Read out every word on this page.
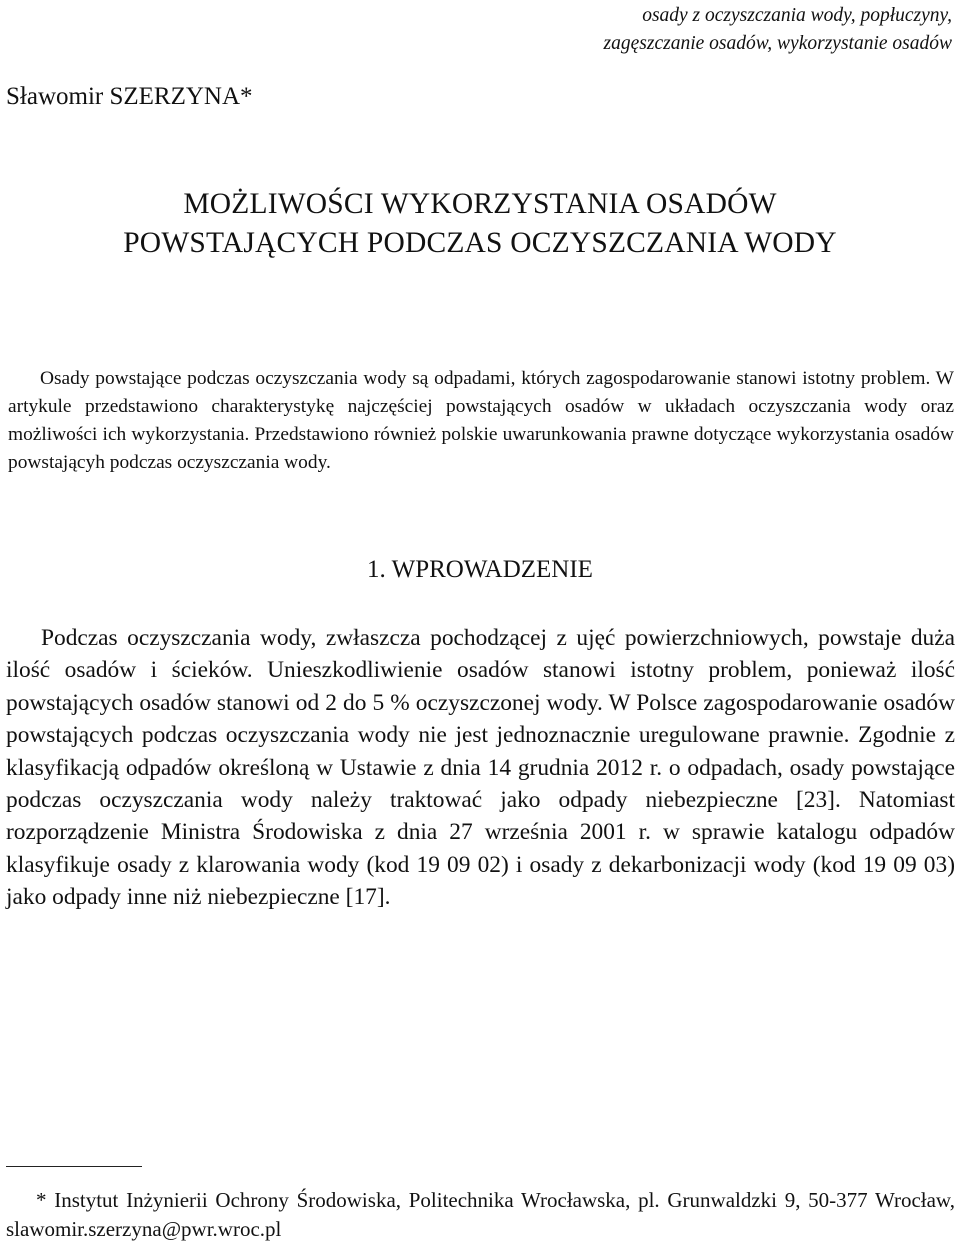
osady z oczyszczania wody, popłuczyny,
zagęszczanie osadów, wykorzystanie osadów
Sławomir SZERZYNA*
MOŻLIWOŚCI WYKORZYSTANIA OSADÓW
POWSTAJĄCYCH PODCZAS OCZYSZCZANIA WODY

Osady powstające podczas oczyszczania wody są odpadami, których zagospodarowanie stanowi istotny problem. W artykule przedstawiono charakterystykę najczęściej powstających osadów w układach oczyszczania wody oraz możliwości ich wykorzystania. Przedstawiono również polskie uwarunkowania prawne dotyczące wykorzystania osadów powstającyh podczas oczyszczania wody.

1. WPROWADZENIE

Podczas oczyszczania wody, zwłaszcza pochodzącej z ujęć powierzchniowych, powstaje duża ilość osadów i ścieków. Unieszkodliwienie osadów stanowi istotny problem, ponieważ ilość powstających osadów stanowi od 2 do 5 % oczyszczonej wody. W Polsce zagospodarowanie osadów powstających podczas oczyszczania wody nie jest jednoznacznie uregulowane prawnie. Zgodnie z klasyfikacją odpadów określoną w Ustawie z dnia 14 grudnia 2012 r. o odpadach, osady powstające podczas oczyszczania wody należy traktować jako odpady niebezpieczne [23]. Natomiast rozporządzenie Ministra Środowiska z dnia 27 września 2001 r. w sprawie katalogu odpadów klasyfikuje osady z klarowania wody (kod 19 09 02) i osady z dekarbonizacji wody (kod 19 09 03) jako odpady inne niż niebezpieczne [17].

* Instytut Inżynierii Ochrony Środowiska, Politechnika Wrocławska, pl. Grunwaldzki 9, 50-377 Wrocław, slawomir.szerzyna@pwr.wroc.pl
